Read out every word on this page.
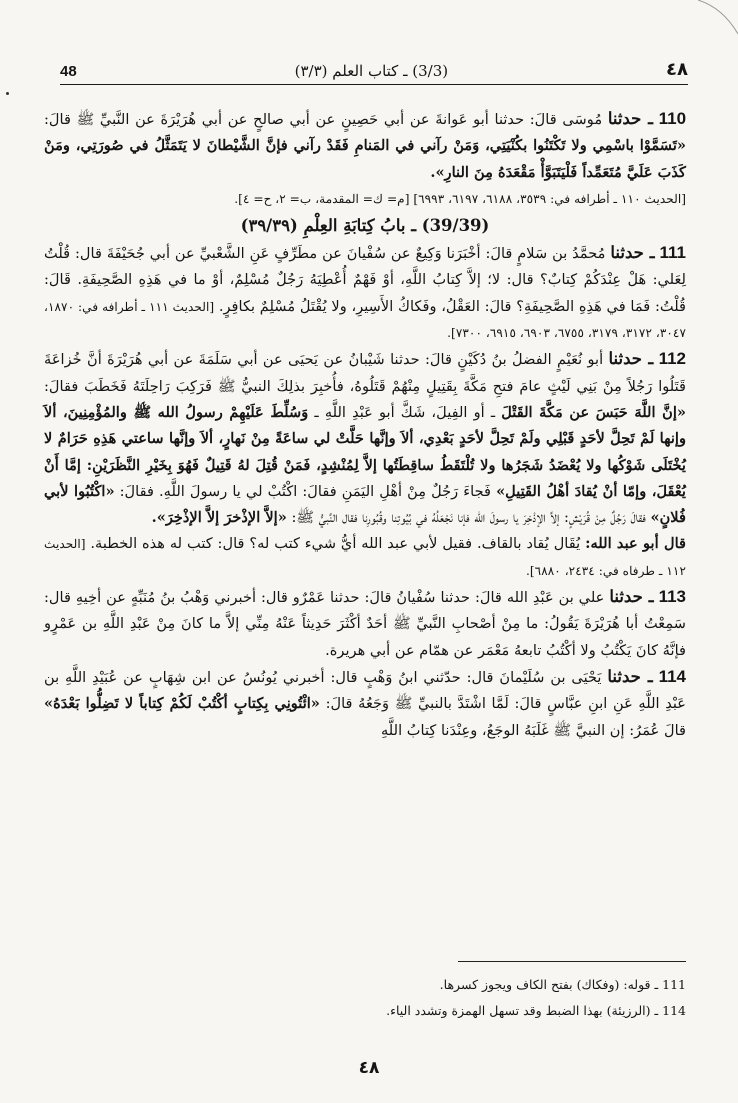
48	(3/3) ـ كتاب العلم (٣/٣)	٤٨

110 ـ حدثنا مُوسَى قالَ: حدثنا أبو عَوانةَ عن أبي حَصِينٍ عن أبي صالحٍ عن أبي هُرَيْرَةَ عن النَّبيِّ ﷺ قالَ: «تَسَمَّوْا باسْمِي ولا تَكْتَنُوا بكُنْيَتِي، وَمَنْ رآني في المَنامِ فَقَدْ رآني فإنَّ الشَّيْطانَ لا يَتَمَثَّلُ في صُورَتِي، ومَنْ كَذَبَ عَلَيَّ مُتَعَمِّداً فَلْيَتَبَوَّأْ مَقْعَدَهُ مِنَ النارِ».

[الحديث ١١٠ ـ أطرافه في: ٣٥٣٩، ٦١٨٨، ٦١٩٧، ٦٩٩٣] [م= ك= المقدمة، ب= ٢، ح= ٤].

(39/39) ـ بابُ كِتابَةِ العِلْمِ (٣٩/٣٩)

111 ـ حدثنا مُحمَّدُ بن سَلامٍ قالَ: أخْبَرَنا وَكِيعٌ عن سُفْيانَ عن مطَرِّفٍ عَنِ الشَّعْبيِّ عن أبي جُحَيْفَةَ قال: قُلْتُ لِعَلي: هَلْ عِنْدَكُمْ كِتابٌ؟ قال: لا؛ إلاَّ كِتابُ اللَّهِ، أوْ فَهْمٌ أُعْطِيَهُ رَجُلٌ مُسْلِمٌ، أوْ ما في هَذِهِ الصَّحِيفَةِ. قَالَ: قُلْتُ: فَمَا في هَذِهِ الصَّحِيفَةِ؟ قالَ: العَقْلُ، وفَكاكُ الأَسِيرِ، ولا يُقْتَلُ مُسْلِمٌ بكافِرٍ. [الحديث ١١١ ـ أطرافه في: ١٨٧٠، ٣٠٤٧، ٣١٧٢، ٣١٧٩، ٦٧٥٥، ٦٩٠٣، ٦٩١٥، ٧٣٠٠].

112 ـ حدثنا أبو نُعَيْمٍ الفضلُ بنُ دُكَيْنٍ قالَ: حدثنا شَيْبانُ عن يَحيَى عن أبي سَلَمَةَ عن أبي هُرَيْرَةَ أنَّ خُزاعَةَ قَتَلُوا رَجُلاً مِنْ بَنِي لَيْثٍ عامَ فتحِ مَكَّةَ بِقَتِيلٍ مِنْهُمْ قَتَلُوهُ، فأُخبِرَ بذلِكَ النبيُّ ﷺ فَرَكِبَ رَاحِلَتَهُ فَخَطَبَ فقالَ: «إنَّ اللَّهَ حَبَسَ عن مَكَّةَ القَتْلَ ـ أو الفِيلَ، شَكَّ أبو عَبْدِ اللَّهِ ـ وَسُلِّطَ عَلَيْهِمْ رسولُ الله ﷺ والمُؤْمِنِينَ، ألاَ وإنها لَمْ تَحِلَّ لأحَدٍ قَبْلِي ولَمْ تَحِلَّ لأحَدٍ بَعْدِي، ألاَ وإنَّها حَلَّتْ لي ساعَةً مِنْ نَهارٍ، ألاَ وإنَّها ساعتي هَذِهِ حَرَامٌ لا يُخْتَلَى شَوْكُها ولا يُعْضَدُ شَجَرُها ولا تُلْتَقَطُ ساقِطَتُها إلاَّ لِمُنْشِدٍ، فَمَنْ قُتِلَ لهُ قَتِيلٌ فَهُوَ بِخَيْرِ النَّظَرَيْنِ: إمَّا أَنْ يُعْقَلَ، وإمّا أنْ يُقادَ أهْلُ القَتِيلِ» فَجاءَ رَجُلٌ مِنْ أهْلِ اليَمَنِ فقالَ: اكْتُبْ لي يا رسولَ اللَّهِ. فقالَ: «اكْتُبُوا لأبي فُلانٍ» فقالَ رَجُلٌ مِنْ قُرَيْشٍ: إلاَّ الإذْخِرَ يا رسولَ الله فإنا نَجْعَلُهُ في بُيُوتِنا وقُبُورِنا فقال النَّبيُّ ﷺ: «إلاَّ الإذْخرَ إلاَّ الإذْخِرَ».

قال أبو عبد الله: يُقَال يُقاد بالقاف. فقيل لأبي عبد الله أيُّ شيء كتب له؟ قال: كتب له هذه الخطبة. [الحديث ١١٢ ـ طرفاه في: ٢٤٣٤، ٦٨٨٠].

113 ـ حدثنا علي بن عَبْدِ الله قالَ: حدثنا سُفْيانُ قالَ: حدثنا عَمْرٌو قال: أخبرني وَهْبُ بنُ مُنَبِّهٍ عن أخِيهِ قال: سَمِعْتُ أبا هُرَيْرَةَ يَقُولُ: ما مِنْ أصْحابِ النَّبيِّ ﷺ أحَدٌ أكْثَرَ حَدِيثاً عَنْهُ مِنِّي إلاَّ ما كانَ مِنْ عَبْدِ اللَّهِ بن عَمْرٍو فإنَّهُ كانَ يَكْتُبُ ولا أكْتُبُ تابعهُ مَعْمَر عن همّام عن أبي هريرة.

114 ـ حدثنا يَحْيَى بن سُلَيْمانَ قال: حدّثني ابنُ وَهْبٍ قال: أخبرني يُونُسُ عن ابن شِهَابٍ عن عُبَيْدِ اللَّهِ بن عَبْدِ اللَّهِ عَنِ ابنِ عبَّاسٍ قالَ: لَمَّا اشْتَدَّ بالنبيِّ ﷺ وَجَعُهُ قالَ: «ائْتُونِي بِكِتابٍ أكْتُبْ لَكُمْ كِتاباً لا تَضِلُّوا بَعْدَهُ» قالَ عُمَرُ: إن النبيَّ ﷺ غَلَبَهُ الوجَعُ، وعِنْدَنا كِتابُ اللَّهِ

111 ـ قوله: (وفكاك) بفتح الكاف ويجوز كسرها.

114 ـ (الرزيئة) بهذا الضبط وقد تسهل الهمزة وتشدد الياء.

٤٨
